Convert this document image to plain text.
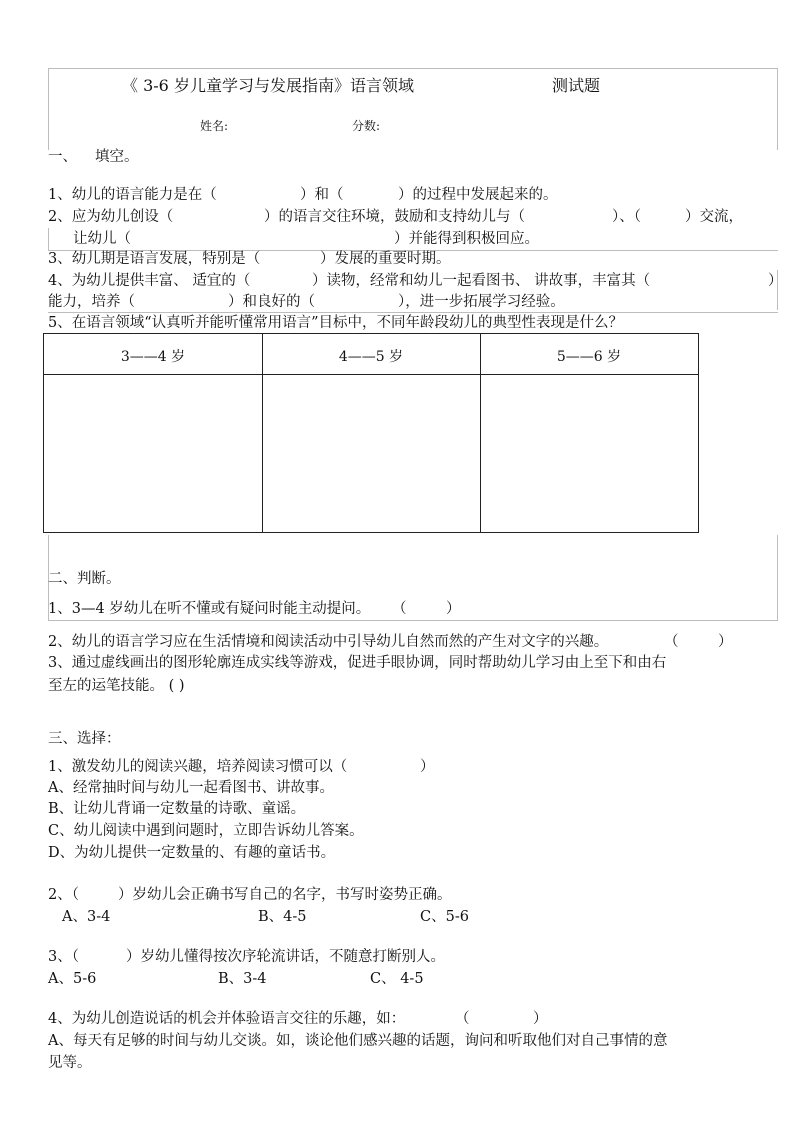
《 3-6 岁儿童学习与发展指南》语言领域	测试题
姓名:	分数:
一、 填空。
1、幼儿的语言能力是在（	）和（	）的过程中发展起来的。
2、应为幼儿创设（	）的语言交往环境，鼓励和支持幼儿与（	）、（	）交流，
让幼儿（	）并能得到积极回应。
3、幼儿期是语言发展，特别是（	）发展的重要时期。
4、为幼儿提供丰富、 适宜的（	）读物，经常和幼儿一起看图书、 讲故事，丰富其（	）
能力，培养（	）和良好的（	），进一步拓展学习经验。
5、在语言领域“认真听并能听懂常用语言”目标中，不同年龄段幼儿的典型性表现是什么？
3——4 岁	4——5 岁	5——6 岁
二、判断。
1、3—4 岁幼儿在听不懂或有疑问时能主动提问。 （	）
2、幼儿的语言学习应在生活情境和阅读活动中引导幼儿自然而然的产生对文字的兴趣。	（	）
3、通过虚线画出的图形轮廓连成实线等游戏，促进手眼协调，同时帮助幼儿学习由上至下和由右
至左的运笔技能。 ( )
三、选择：
1、激发幼儿的阅读兴趣，培养阅读习惯可以（	）
A、经常抽时间与幼儿一起看图书、讲故事。
B、让幼儿背诵一定数量的诗歌、童谣。
C、幼儿阅读中遇到问题时，立即告诉幼儿答案。
D、为幼儿提供一定数量的、有趣的童话书。
2、（	）岁幼儿会正确书写自己的名字，书写时姿势正确。
A、3-4	B、4-5	C、5-6
3、（	）岁幼儿懂得按次序轮流讲话，不随意打断别人。
A、5-6	B、3-4	C、 4-5
4、为幼儿创造说话的机会并体验语言交往的乐趣，如：	（	）
A、每天有足够的时间与幼儿交谈。如，谈论他们感兴趣的话题，询问和听取他们对自己事情的意
见等。
